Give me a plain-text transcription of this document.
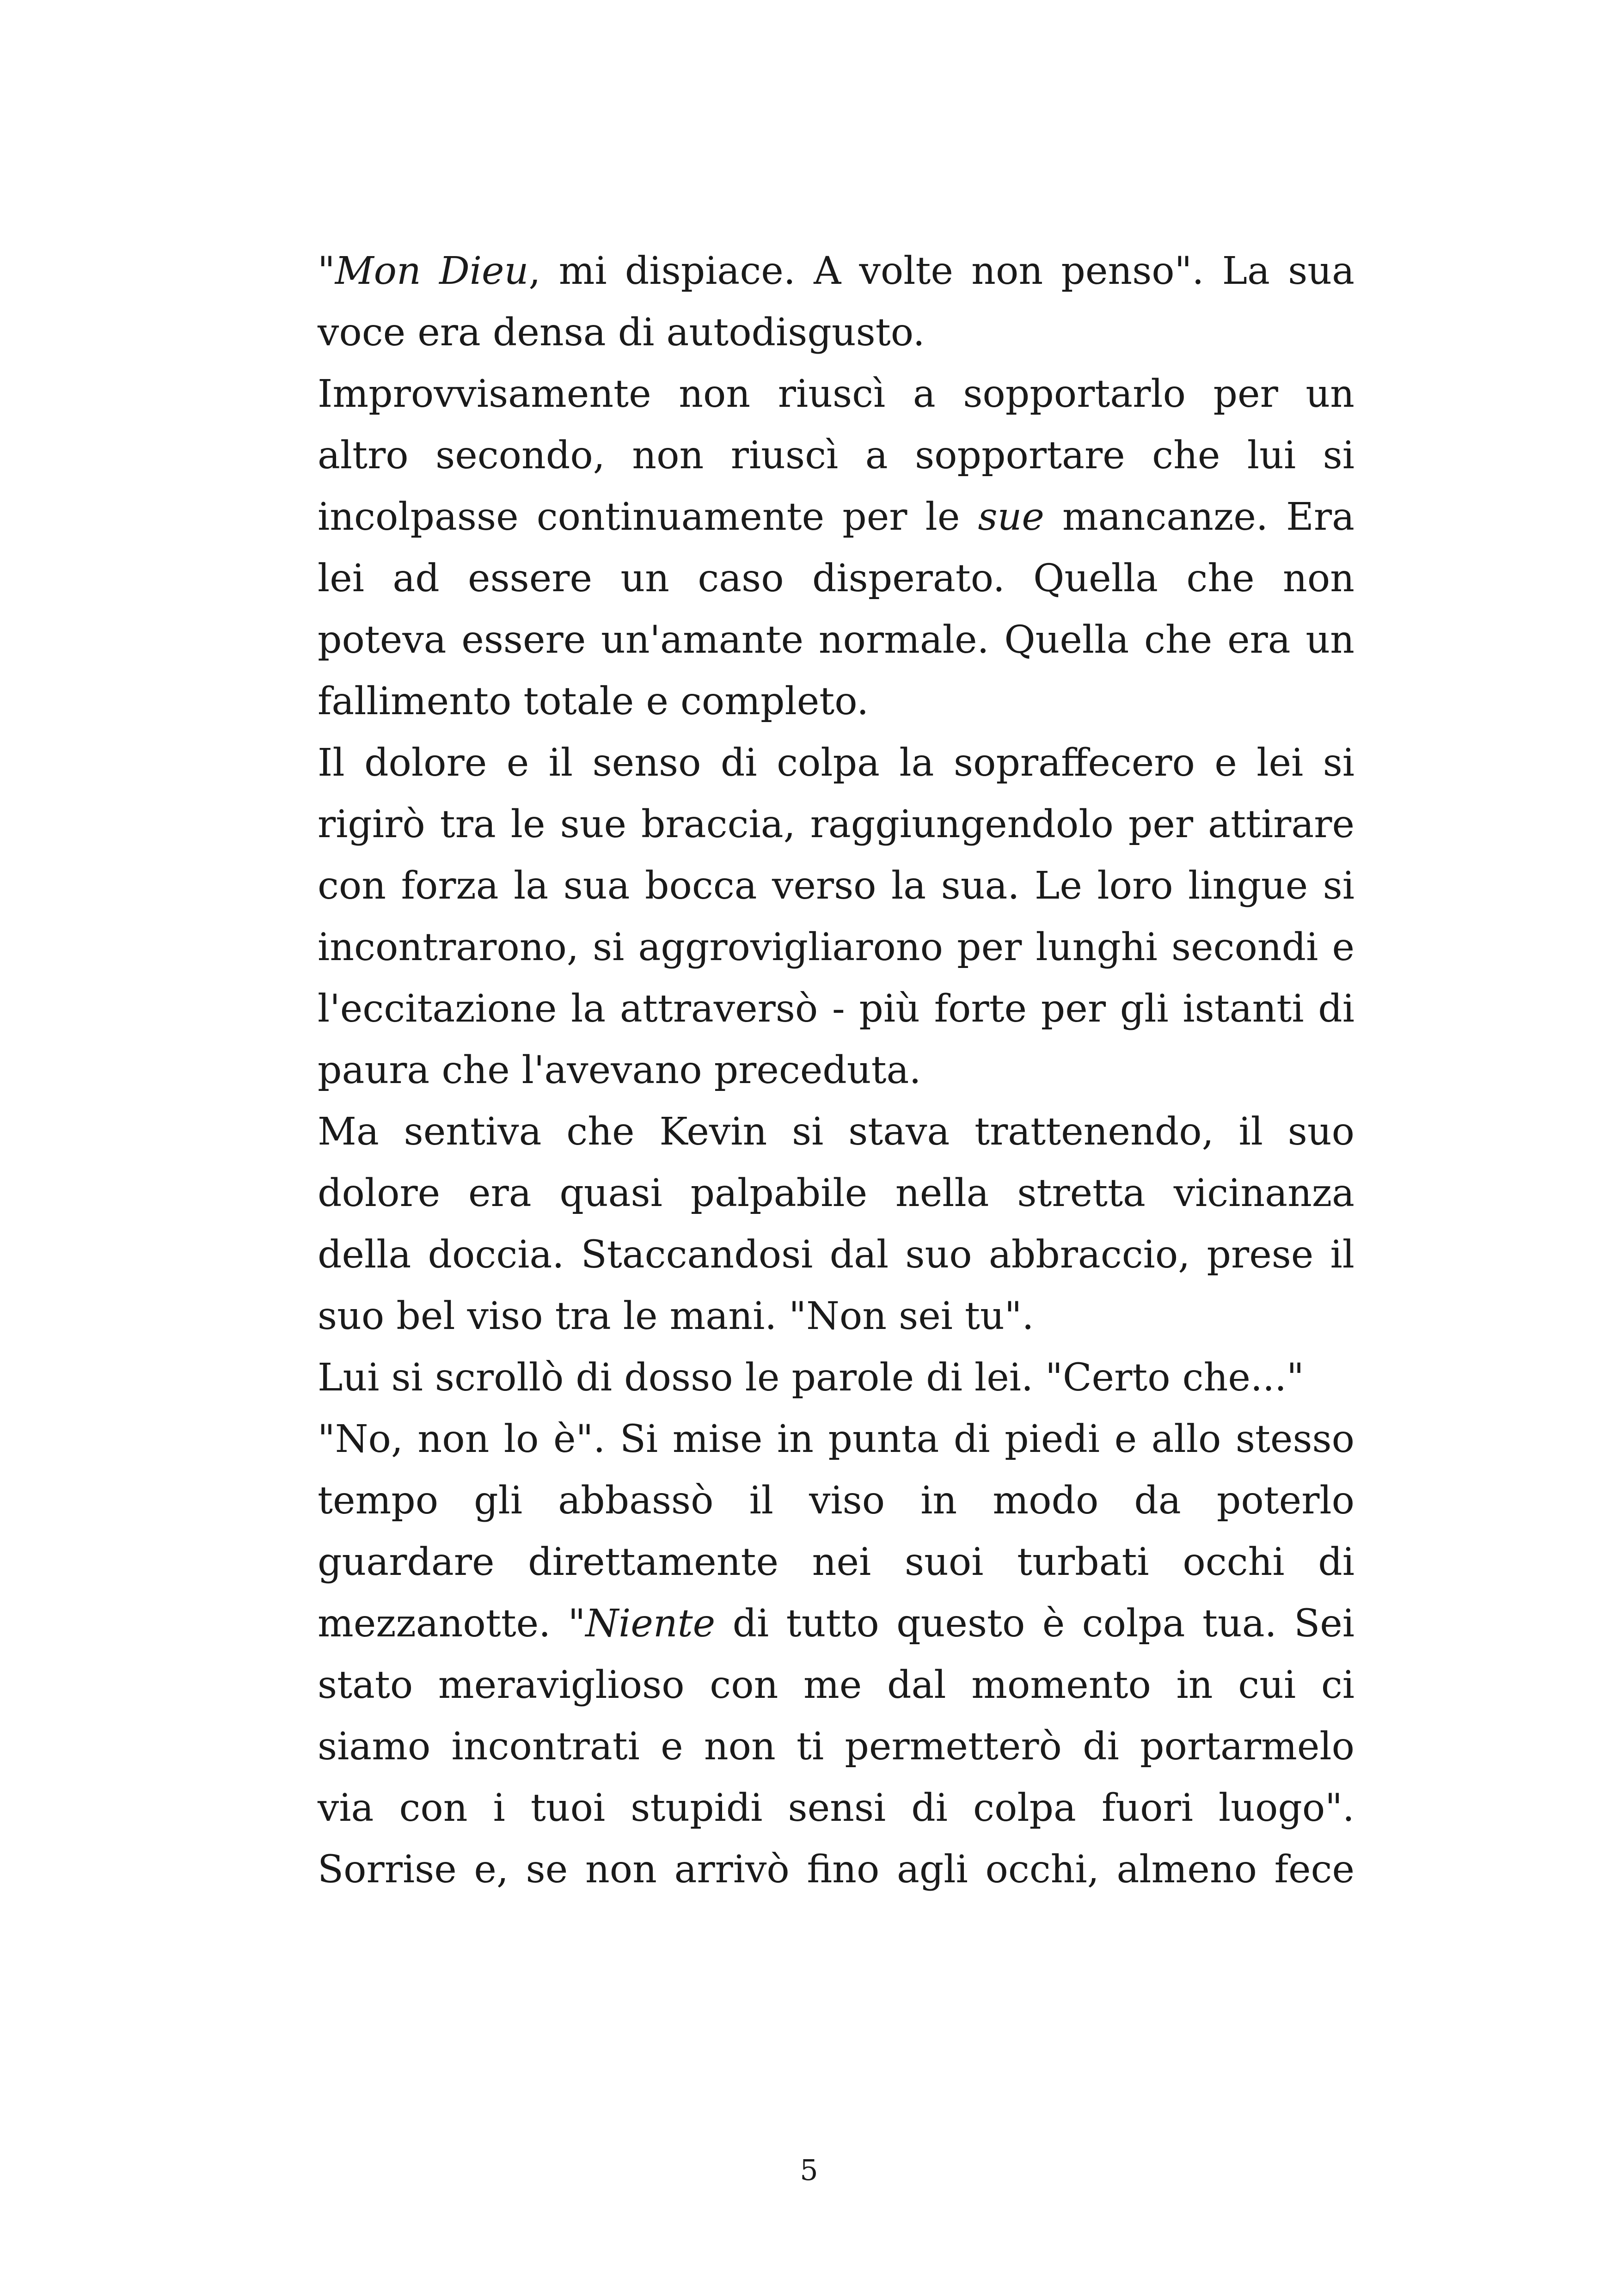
"Mon Dieu, mi dispiace. A volte non penso". La sua voce era densa di autodisgusto.

Improvvisamente non riuscì a sopportarlo per un altro secondo, non riuscì a sopportare che lui si incolpasse continuamente per le sue mancanze. Era lei ad essere un caso disperato. Quella che non poteva essere un'amante normale. Quella che era un fallimento totale e completo.

Il dolore e il senso di colpa la sopraffecero e lei si rigirò tra le sue braccia, raggiungendolo per attirare con forza la sua bocca verso la sua. Le loro lingue si incontrarono, si aggrovigliarono per lunghi secondi e l'eccitazione la attraversò - più forte per gli istanti di paura che l'avevano preceduta.

Ma sentiva che Kevin si stava trattenendo, il suo dolore era quasi palpabile nella stretta vicinanza della doccia. Staccandosi dal suo abbraccio, prese il suo bel viso tra le mani. "Non sei tu".

Lui si scrollò di dosso le parole di lei. "Certo che..."

"No, non lo è". Si mise in punta di piedi e allo stesso tempo gli abbassò il viso in modo da poterlo guardare direttamente nei suoi turbati occhi di mezzanotte. "Niente di tutto questo è colpa tua. Sei stato meraviglioso con me dal momento in cui ci siamo incontrati e non ti permetterò di portarmelo via con i tuoi stupidi sensi di colpa fuori luogo". Sorrise e, se non arrivò fino agli occhi, almeno fece

5
